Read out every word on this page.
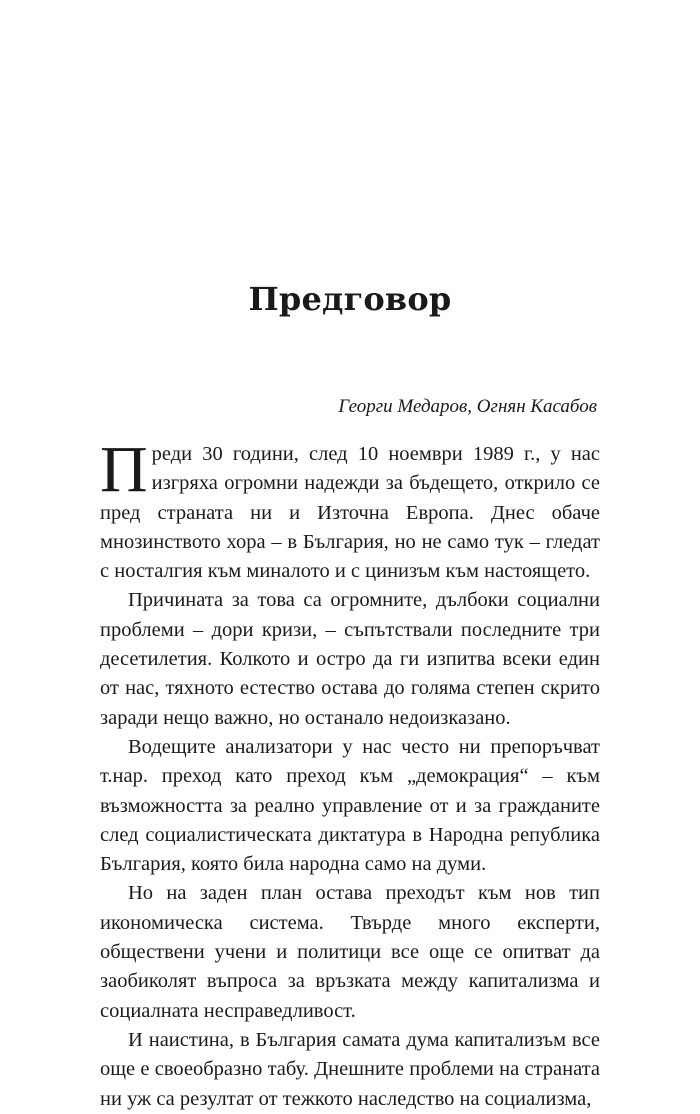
Предговор

Георги Медаров, Огнян Касабов

Преди 30 години, след 10 ноември 1989 г., у нас изгряха огромни надежди за бъдещето, открило се пред страната ни и Източна Европа. Днес обаче мнозинството хора – в България, но не само тук – гледат с носталгия към миналото и с цинизъм към настоящето.

Причината за това са огромните, дълбоки социални проблеми – дори кризи, – съпътствали последните три десетилетия. Колкото и остро да ги изпитва всеки един от нас, тяхното естество остава до голяма степен скрито заради нещо важно, но останало недоизказано.

Водещите анализатори у нас често ни препоръчват т.нар. преход като преход към „демокрация“ – към възможността за реално управление от и за гражданите след социалистическата диктатура в Народна република България, която била народна само на думи.

Но на заден план остава преходът към нов тип икономическа система. Твърде много експерти, обществени учени и политици все още се опитват да заобиколят въпроса за връзката между капитализма и социалната несправедливост.

И наистина, в България самата дума капитализъм все още е своеобразно табу. Днешните проблеми на страната ни уж са резултат от тежкото наследство на социализма,
